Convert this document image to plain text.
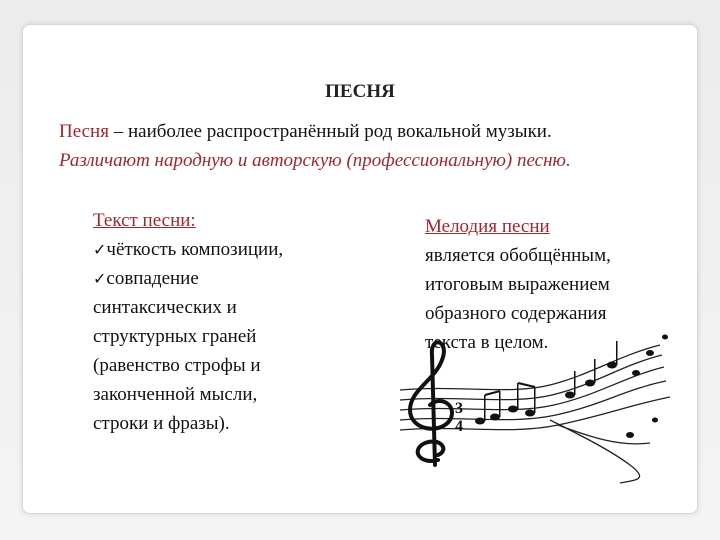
ПЕСНЯ
Песня – наиболее распространённый род вокальной музыки.
Различают народную и авторскую (профессиональную) песню.
Текст песни:
✓чёткость композиции,
✓совпадение
синтаксических и
структурных граней
(равенство строфы и
законченной мысли,
строки и фразы).
Мелодия песни
является обобщённым,
итоговым выражением
образного содержания
текста в целом.
3
4
